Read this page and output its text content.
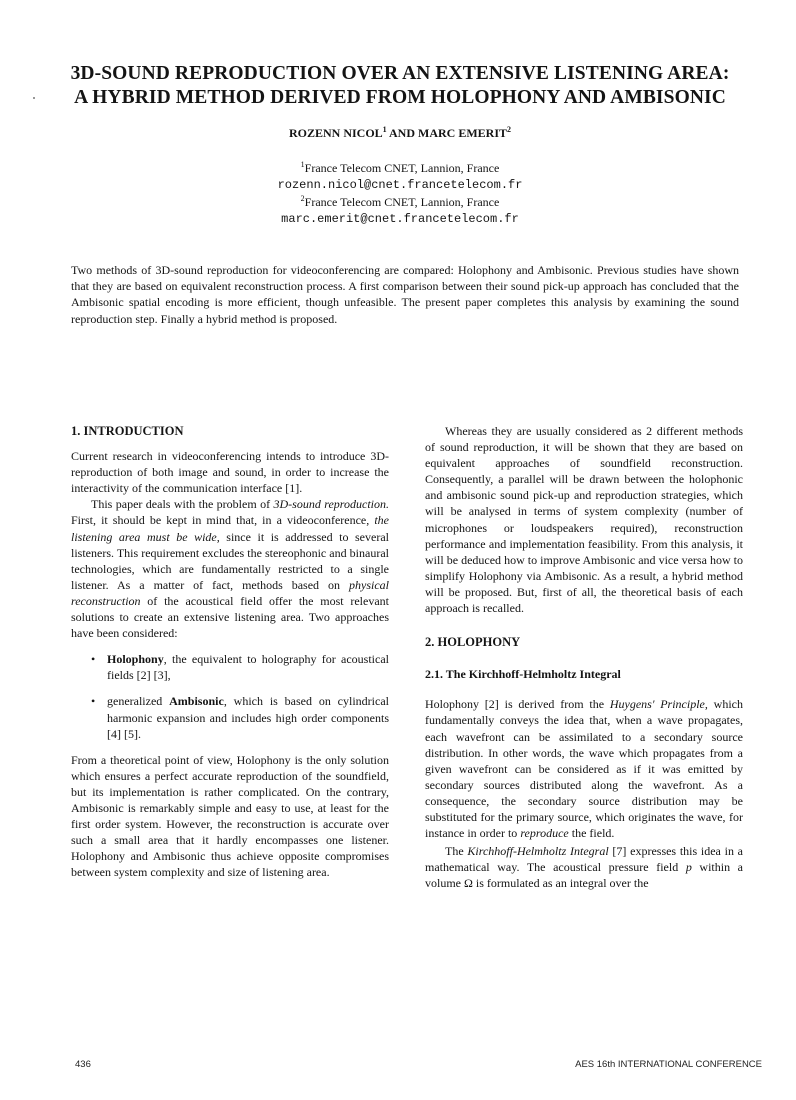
3D-SOUND REPRODUCTION OVER AN EXTENSIVE LISTENING AREA:
A HYBRID METHOD DERIVED FROM HOLOPHONY AND AMBISONIC
ROZENN NICOL$^1$ AND MARC EMERIT$^2$
$^1$France Telecom CNET, Lannion, France
rozenn.nicol@cnet.francetelecom.fr
$^2$France Telecom CNET, Lannion, France
marc.emerit@cnet.francetelecom.fr

Two methods of 3D-sound reproduction for videoconferencing are compared: Holophony and Ambisonic. Previous studies have shown that they are based on equivalent reconstruction process. A first comparison between their sound pick-up approach has concluded that the Ambisonic spatial encoding is more efficient, though unfeasible. The present paper completes this analysis by examining the sound reproduction step. Finally a hybrid method is proposed.

1. INTRODUCTION

Current research in videoconferencing intends to introduce 3D-reproduction of both image and sound, in order to increase the interactivity of the communication interface [1].

This paper deals with the problem of 3D-sound reproduction. First, it should be kept in mind that, in a videoconference, the listening area must be wide, since it is addressed to several listeners. This requirement excludes the stereophonic and binaural technologies, which are fundamentally restricted to a single listener. As a matter of fact, methods based on physical reconstruction of the acoustical field offer the most relevant solutions to create an extensive listening area. Two approaches have been considered:

• Holophony, the equivalent to holography for acoustical fields [2] [3],
• generalized Ambisonic, which is based on cylindrical harmonic expansion and includes high order components [4] [5].

From a theoretical point of view, Holophony is the only solution which ensures a perfect accurate reproduction of the soundfield, but its implementation is rather complicated. On the contrary, Ambisonic is remarkably simple and easy to use, at least for the first order system. However, the reconstruction is accurate over such a small area that it hardly encompasses one listener. Holophony and Ambisonic thus achieve opposite compromises between system complexity and size of listening area.

Whereas they are usually considered as 2 different methods of sound reproduction, it will be shown that they are based on equivalent approaches of soundfield reconstruction. Consequently, a parallel will be drawn between the holophonic and ambisonic sound pick-up and reproduction strategies, which will be analysed in terms of system complexity (number of microphones or loudspeakers required), reconstruction performance and implementation feasibility. From this analysis, it will be deduced how to improve Ambisonic and vice versa how to simplify Holophony via Ambisonic. As a result, a hybrid method will be proposed. But, first of all, the theoretical basis of each approach is recalled.

2. HOLOPHONY
2.1. The Kirchhoff-Helmholtz Integral

Holophony [2] is derived from the Huygens' Principle, which fundamentally conveys the idea that, when a wave propagates, each wavefront can be assimilated to a secondary source distribution. In other words, the wave which propagates from a given wavefront can be considered as if it was emitted by secondary sources distributed along the wavefront. As a consequence, the secondary source distribution may be substituted for the primary source, which originates the wave, for instance in order to reproduce the field.

The Kirchhoff-Helmholtz Integral [7] expresses this idea in a mathematical way. The acoustical pressure field p within a volume Ω is formulated as an integral over the

436	AES 16th INTERNATIONAL CONFERENCE
